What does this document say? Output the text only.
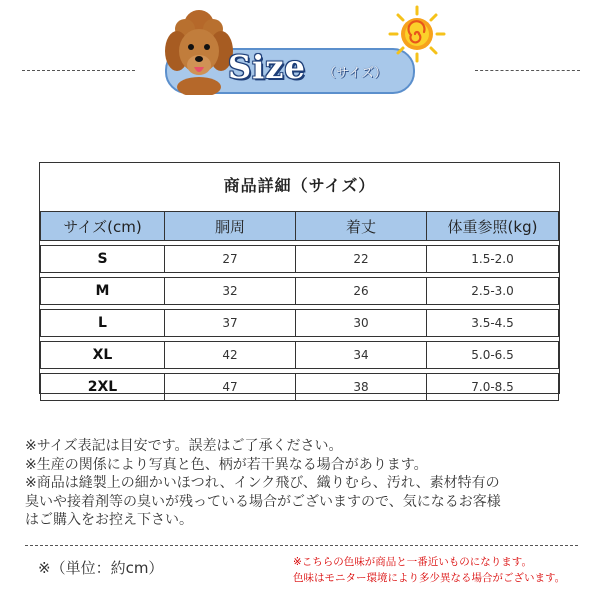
Size （サイズ）
商品詳細（サイズ）
サイズ(cm)	胴周	着丈	体重参照(kg)
S	27	22	1.5-2.0
M	32	26	2.5-3.0
L	37	30	3.5-4.5
XL	42	34	5.0-6.5
2XL	47	38	7.0-8.5

※サイズ表記は目安です。誤差はご了承ください。

※生産の関係により写真と色、柄が若干異なる場合があります。

※商品は縫製上の細かいほつれ、インク飛び、織りむら、汚れ、素材特有の

臭いや接着剤等の臭いが残っている場合がございますので、気になるお客様

はご購入をお控え下さい。

※（単位：約cm）	※こちらの色味が商品と一番近いものになります。

色味はモニター環境により多少異なる場合がございます。
